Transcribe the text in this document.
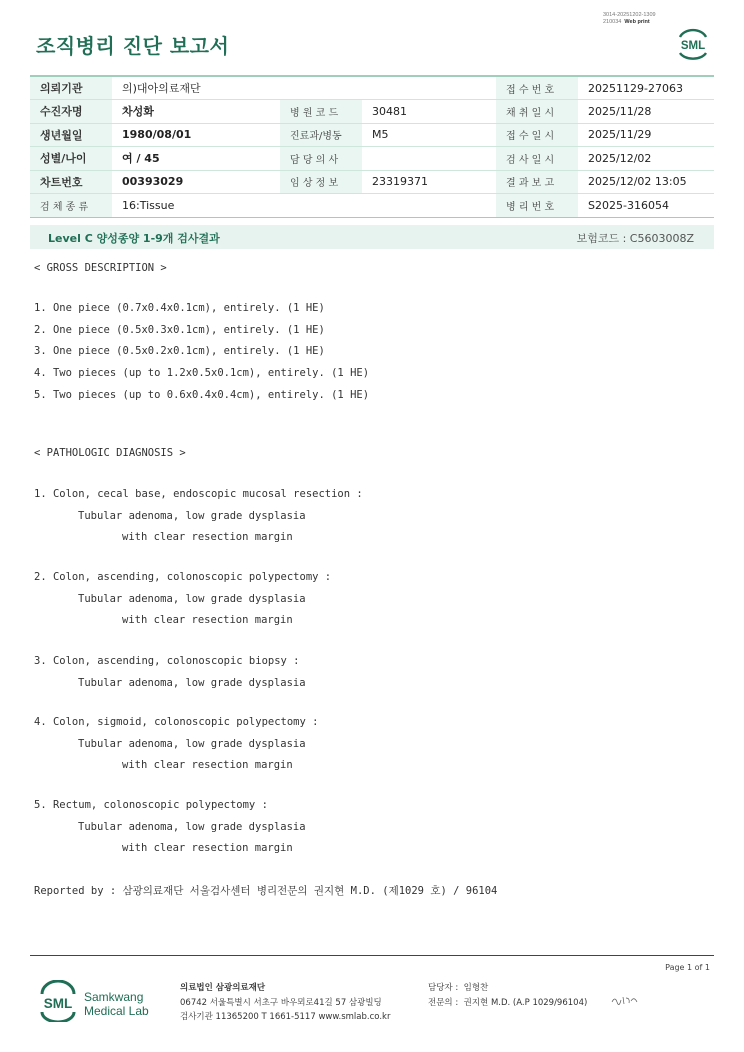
3014-20251202-1309
210034 Web print
조직병리 진단 보고서	SML
의뢰기관	의)대아의료재단			접 수 번 호	20251129-27063
수진자명	차성화	병 원 코 드	30481	채 취 일 시	2025/11/28
생년월일	1980/08/01	진료과/병동	M5	접 수 일 시	2025/11/29
성별/나이	여 / 45	담 당 의 사		검 사 일 시	2025/12/02
차트번호	00393029	임 상 정 보	23319371	결 과 보 고	2025/12/02 13:05
검 체 종 류	16:Tissue			병 리 번 호	S2025-316054
Level C 양성종양 1-9개 검사결과	보험코드 : C5603008Z
< GROSS DESCRIPTION >
1. One piece (0.7x0.4x0.1cm), entirely. (1 HE)
2. One piece (0.5x0.3x0.1cm), entirely. (1 HE)
3. One piece (0.5x0.2x0.1cm), entirely. (1 HE)
4. Two pieces (up to 1.2x0.5x0.1cm), entirely. (1 HE)
5. Two pieces (up to 0.6x0.4x0.4cm), entirely. (1 HE)
< PATHOLOGIC DIAGNOSIS >
1. Colon, cecal base, endoscopic mucosal resection :
Tubular adenoma, low grade dysplasia
with clear resection margin
2. Colon, ascending, colonoscopic polypectomy :
Tubular adenoma, low grade dysplasia
with clear resection margin
3. Colon, ascending, colonoscopic biopsy :
Tubular adenoma, low grade dysplasia
4. Colon, sigmoid, colonoscopic polypectomy :
Tubular adenoma, low grade dysplasia
with clear resection margin
5. Rectum, colonoscopic polypectomy :
Tubular adenoma, low grade dysplasia
with clear resection margin
Reported by : 삼광의료재단 서울검사센터 병리전문의 권지현 M.D. (제1029 호) / 96104
Page 1 of 1
SML Samkwang
Medical Lab
의료법인 삼광의료재단
06742 서울특별시 서초구 바우뫼로41길 57 삼광빌딩
검사기관 11365200 T 1661-5117 www.smlab.co.kr
담당자 : 임형찬
전문의 : 권지현 M.D. (A.P 1029/96104)
